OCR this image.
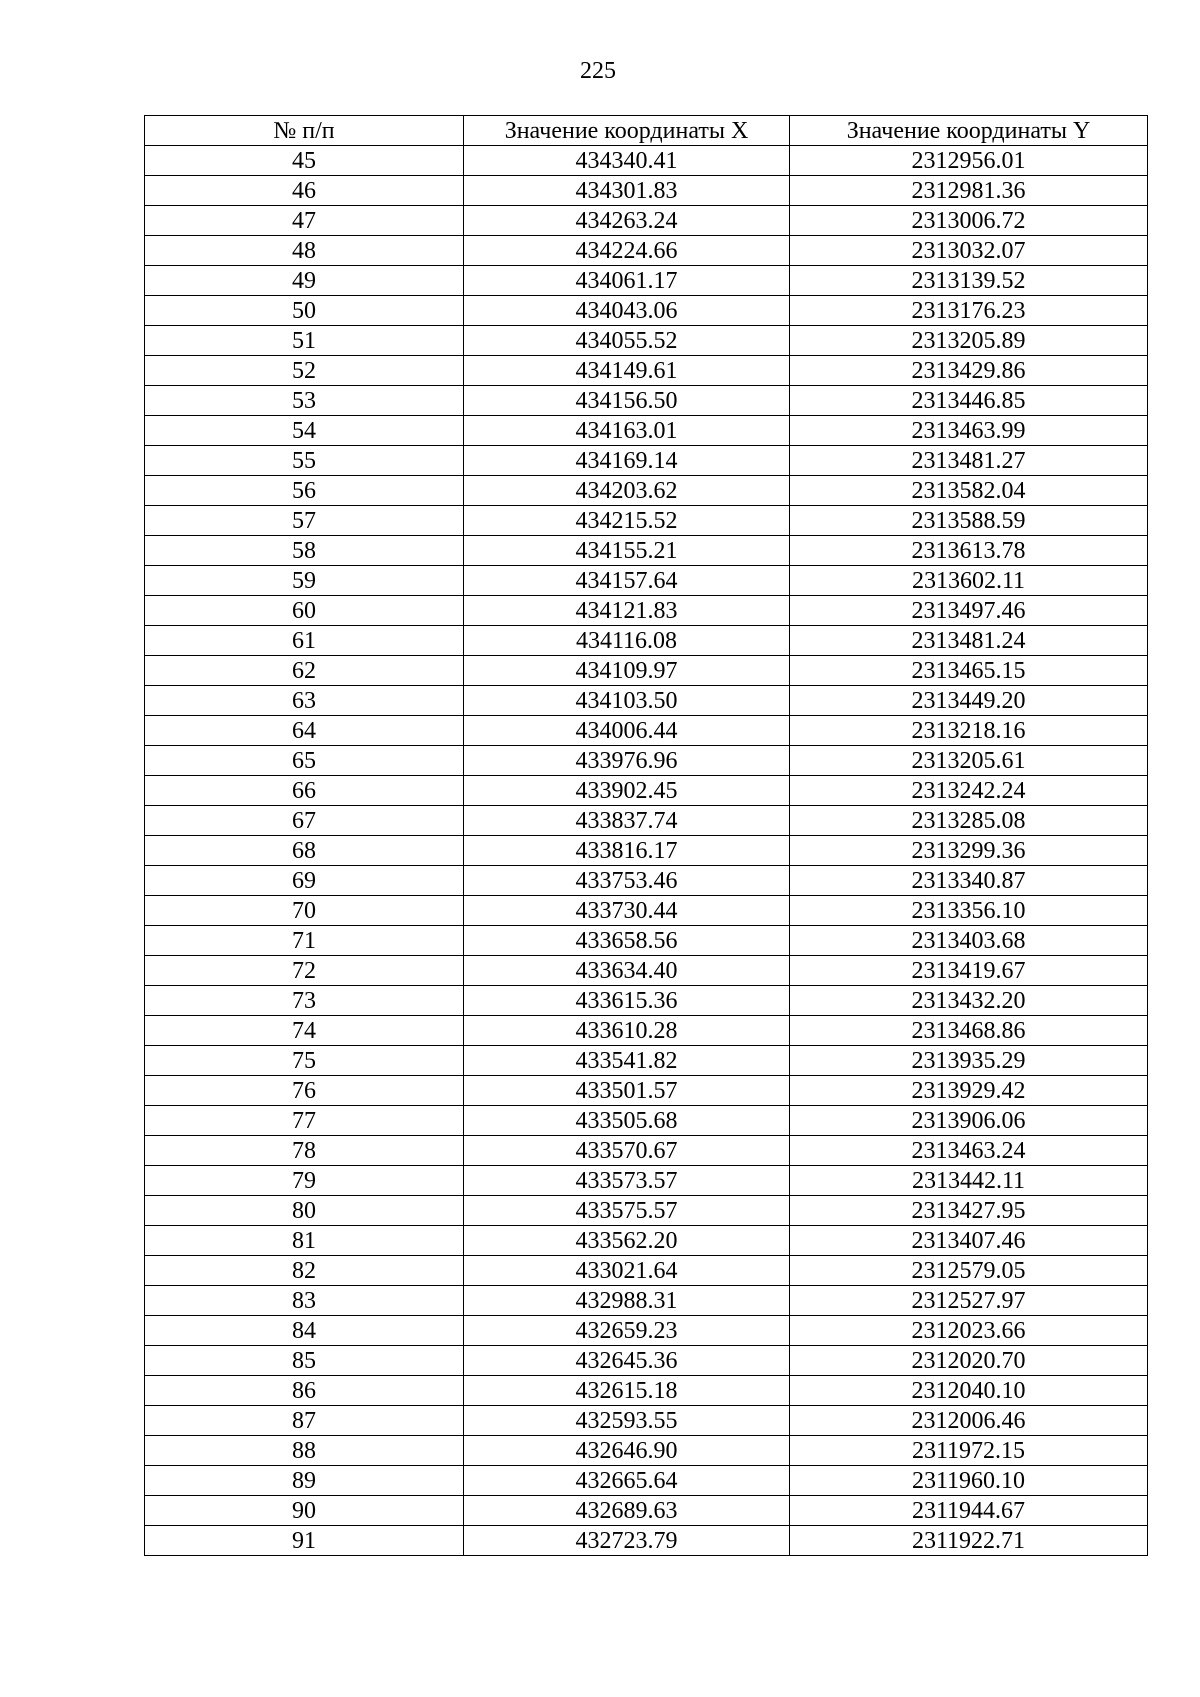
225
№ п/п	Значение координаты X	Значение координаты Y
45	434340.41	2312956.01
46	434301.83	2312981.36
47	434263.24	2313006.72
48	434224.66	2313032.07
49	434061.17	2313139.52
50	434043.06	2313176.23
51	434055.52	2313205.89
52	434149.61	2313429.86
53	434156.50	2313446.85
54	434163.01	2313463.99
55	434169.14	2313481.27
56	434203.62	2313582.04
57	434215.52	2313588.59
58	434155.21	2313613.78
59	434157.64	2313602.11
60	434121.83	2313497.46
61	434116.08	2313481.24
62	434109.97	2313465.15
63	434103.50	2313449.20
64	434006.44	2313218.16
65	433976.96	2313205.61
66	433902.45	2313242.24
67	433837.74	2313285.08
68	433816.17	2313299.36
69	433753.46	2313340.87
70	433730.44	2313356.10
71	433658.56	2313403.68
72	433634.40	2313419.67
73	433615.36	2313432.20
74	433610.28	2313468.86
75	433541.82	2313935.29
76	433501.57	2313929.42
77	433505.68	2313906.06
78	433570.67	2313463.24
79	433573.57	2313442.11
80	433575.57	2313427.95
81	433562.20	2313407.46
82	433021.64	2312579.05
83	432988.31	2312527.97
84	432659.23	2312023.66
85	432645.36	2312020.70
86	432615.18	2312040.10
87	432593.55	2312006.46
88	432646.90	2311972.15
89	432665.64	2311960.10
90	432689.63	2311944.67
91	432723.79	2311922.71
